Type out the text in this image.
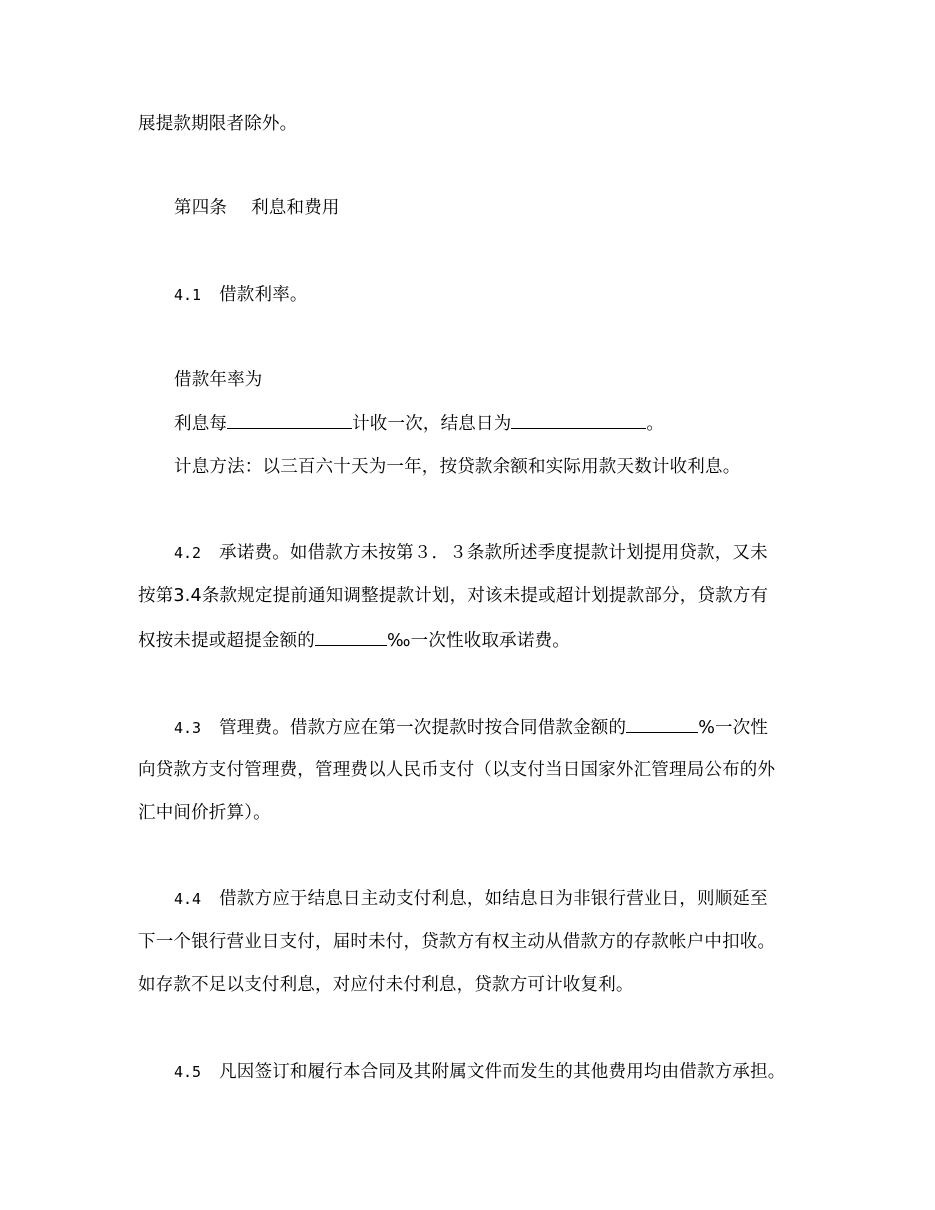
展提款期限者除外。
第四条 利息和费用
4.1 借款利率。
借款年率为
利息每	计收一次，结息日为	。
计息方法：以三百六十天为一年，按贷款余额和实际用款天数计收利息。
4.2 承诺费。如借款方未按第３．３条款所述季度提款计划提用贷款，又未
按第3.4条款规定提前通知调整提款计划，对该未提或超计划提款部分，贷款方有
权按未提或超提金额的	‰一次性收取承诺费。
4.3 管理费。借款方应在第一次提款时按合同借款金额的	%一次性
向贷款方支付管理费，管理费以人民币支付（以支付当日国家外汇管理局公布的外
汇中间价折算）。
4.4 借款方应于结息日主动支付利息，如结息日为非银行营业日，则顺延至
下一个银行营业日支付，届时未付，贷款方有权主动从借款方的存款帐户中扣收。
如存款不足以支付利息，对应付未付利息，贷款方可计收复利。
4.5 凡因签订和履行本合同及其附属文件而发生的其他费用均由借款方承担。
